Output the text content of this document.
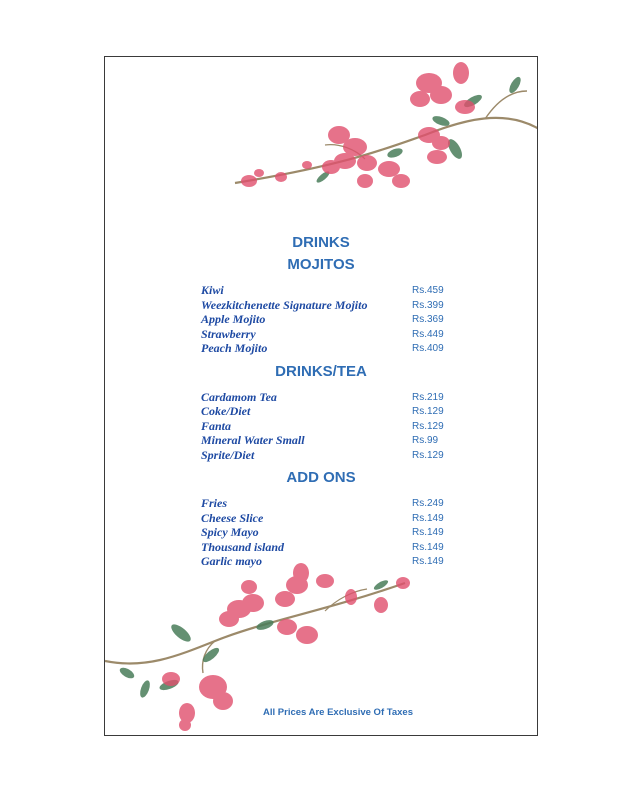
DRINKS
MOJITOS
Kiwi	Rs.459
Weezkitchenette Signature Mojito	Rs.399
Apple Mojito	Rs.369
Strawberry	Rs.449
Peach Mojito	Rs.409
DRINKS/TEA
Cardamom Tea	Rs.219
Coke/Diet	Rs.129
Fanta	Rs.129
Mineral Water Small	Rs.99
Sprite/Diet	Rs.129
ADD ONS
Fries	Rs.249
Cheese Slice	Rs.149
Spicy Mayo	Rs.149
Thousand island	Rs.149
Garlic mayo	Rs.149
All Prices Are Exclusive Of Taxes
